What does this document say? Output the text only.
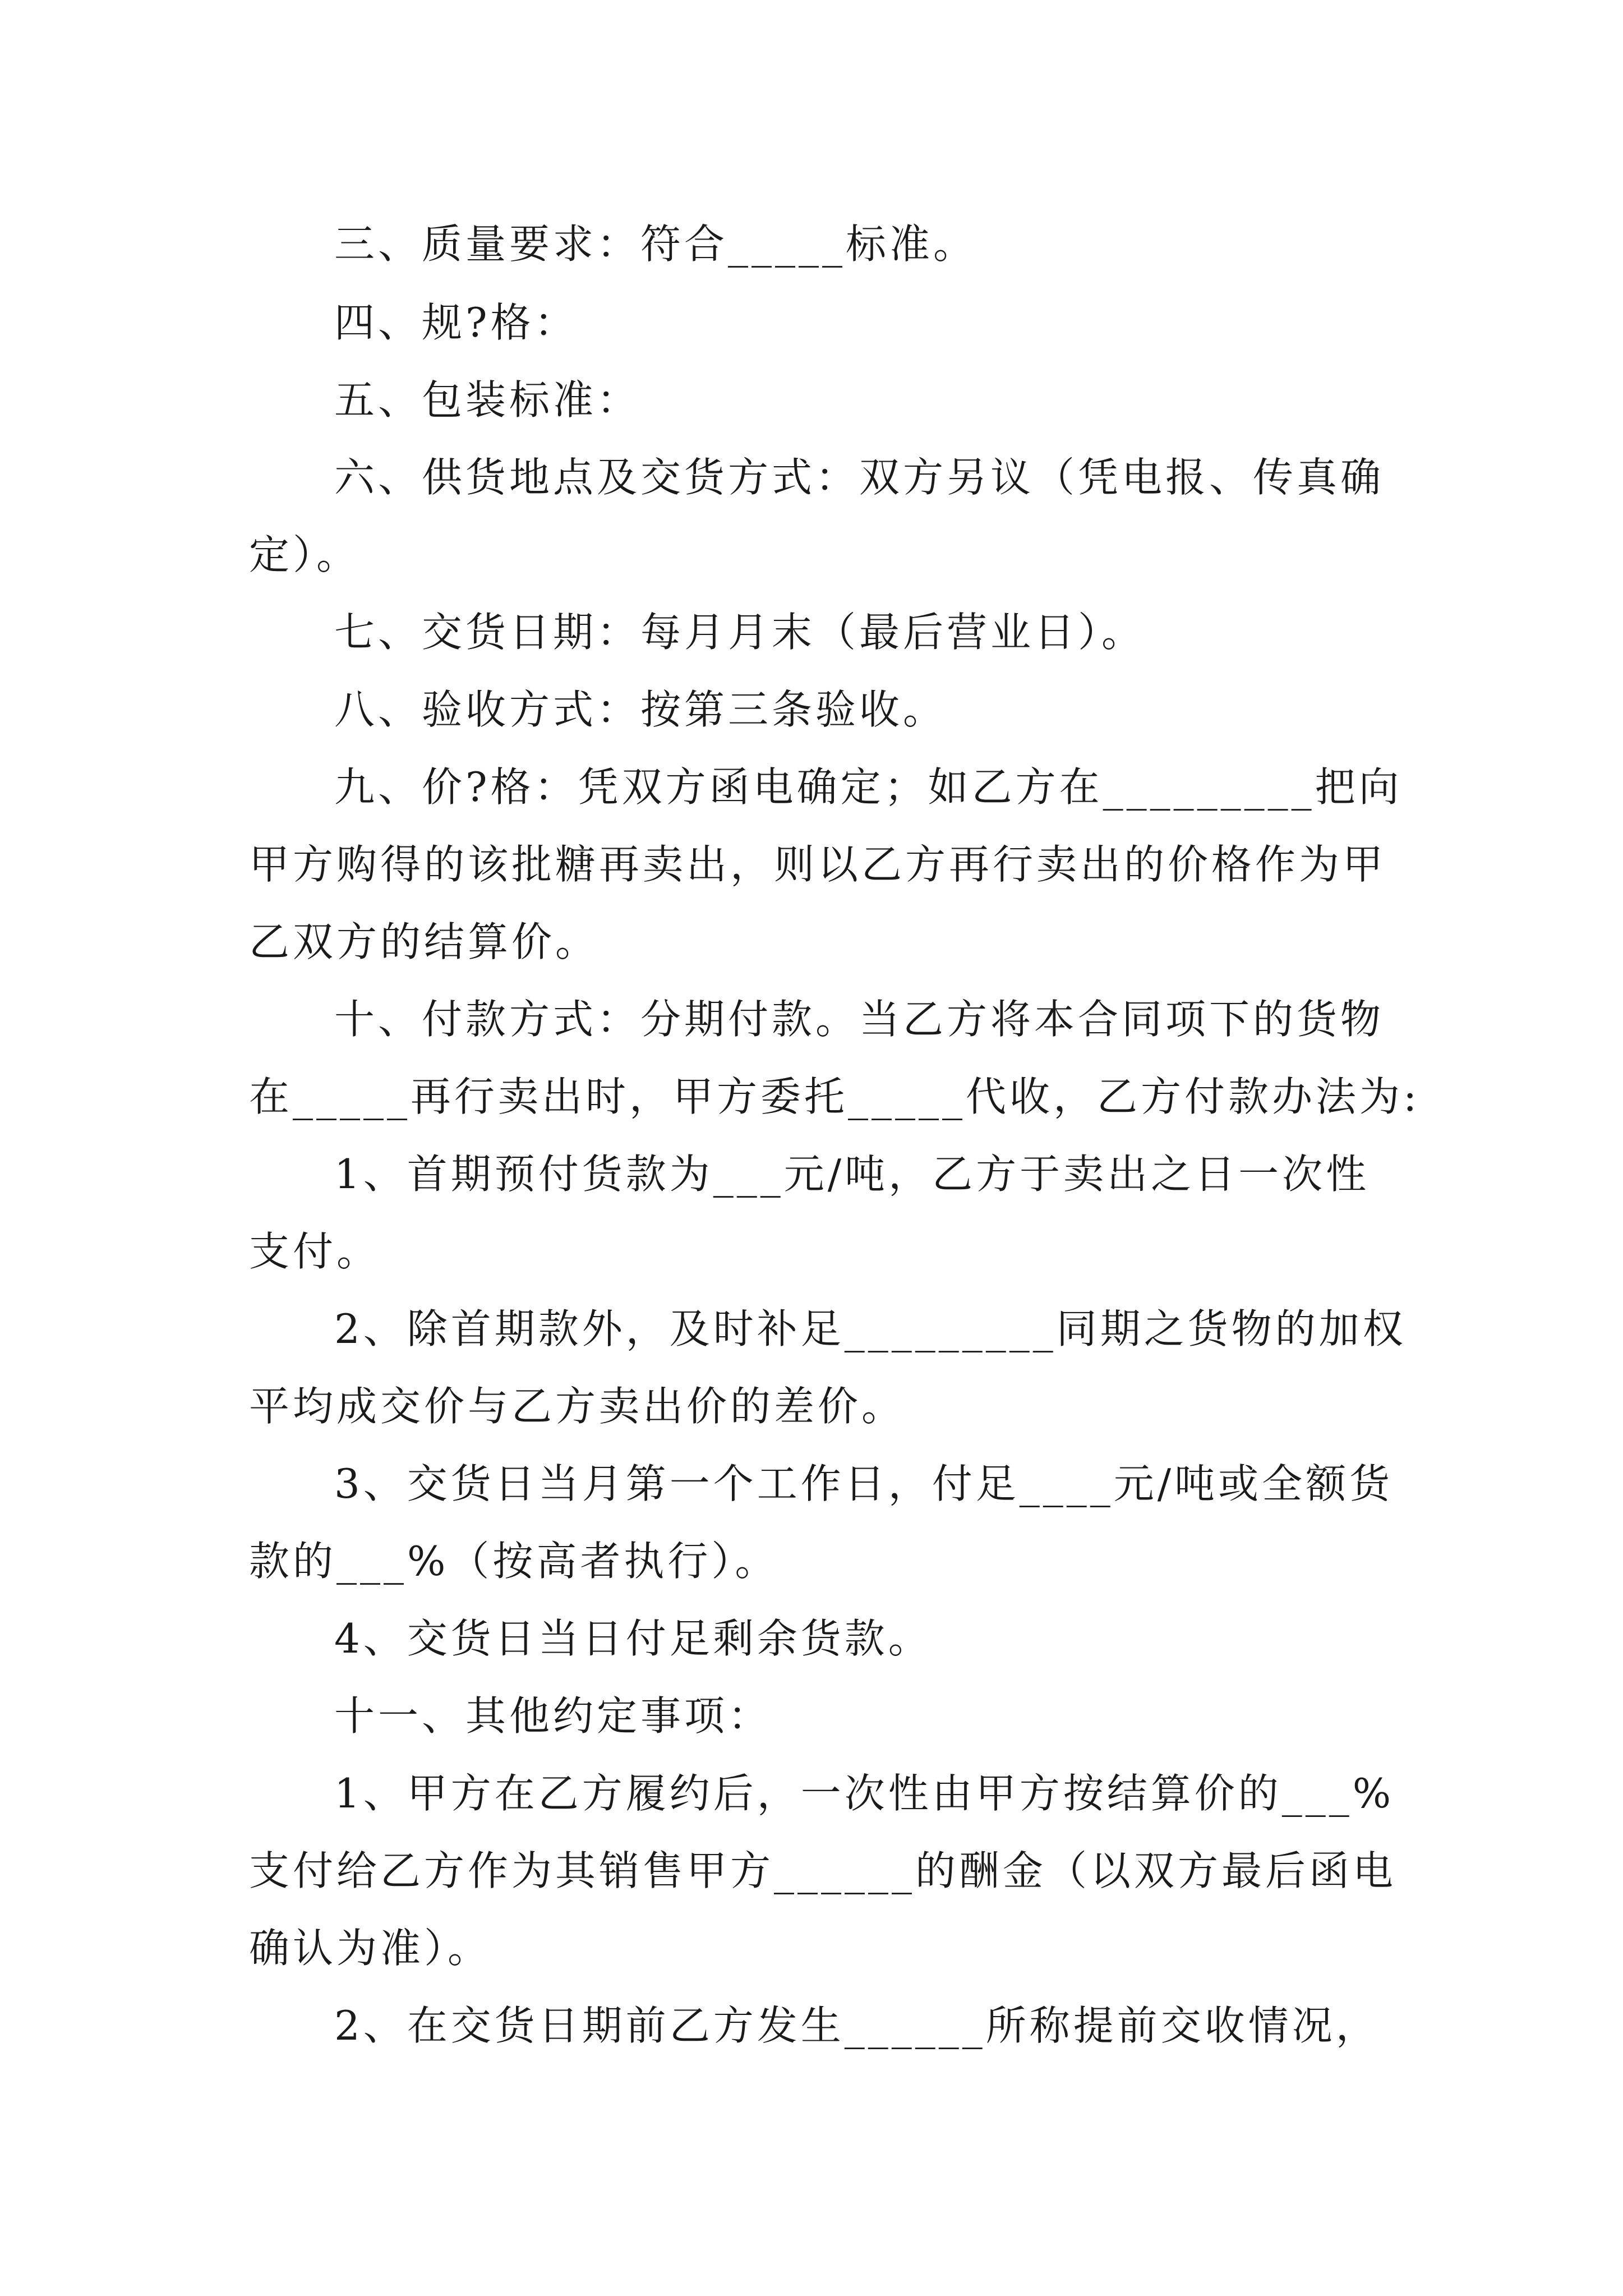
三、质量要求：符合_____标准。
四、规?格：
五、包装标准：
六、供货地点及交货方式：双方另议（凭电报、传真确
定）。
七、交货日期：每月月末（最后营业日）。
八、验收方式：按第三条验收。
九、价?格：凭双方函电确定；如乙方在_________把向
甲方购得的该批糖再卖出，则以乙方再行卖出的价格作为甲
乙双方的结算价。
十、付款方式：分期付款。当乙方将本合同项下的货物
在_____再行卖出时，甲方委托_____代收，乙方付款办法为:
1、首期预付货款为___元/吨，乙方于卖出之日一次性
支付。
2、除首期款外，及时补足_________同期之货物的加权
平均成交价与乙方卖出价的差价。
3、交货日当月第一个工作日，付足____元/吨或全额货
款的___%（按高者执行）。
4、交货日当日付足剩余货款。
十一、其他约定事项：
1、甲方在乙方履约后，一次性由甲方按结算价的___%
支付给乙方作为其销售甲方______的酬金（以双方最后函电
确认为准）。
2、在交货日期前乙方发生______所称提前交收情况，
